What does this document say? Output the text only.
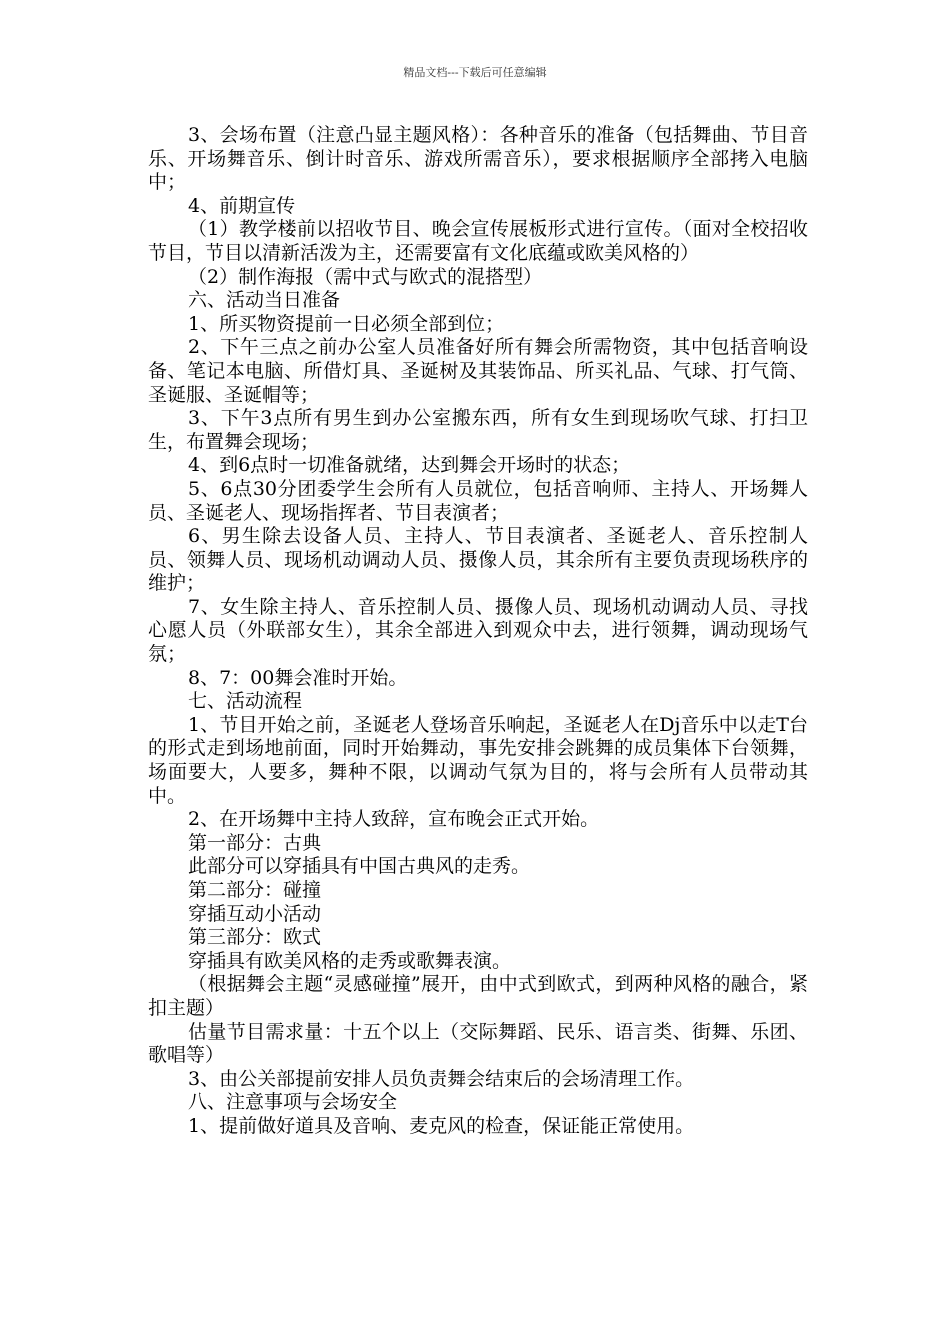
精品文档---下载后可任意编辑

3、会场布置（注意凸显主题风格）：各种音乐的准备（包括舞曲、节目音乐、开场舞音乐、倒计时音乐、游戏所需音乐），要求根据顺序全部拷入电脑中；

4、前期宣传

（1）教学楼前以招收节目、晚会宣传展板形式进行宣传。（面对全校招收节目，节目以清新活泼为主，还需要富有文化底蕴或欧美风格的）

（2）制作海报（需中式与欧式的混搭型）

六、活动当日准备

1、所买物资提前一日必须全部到位；

2、下午三点之前办公室人员准备好所有舞会所需物资，其中包括音响设备、笔记本电脑、所借灯具、圣诞树及其装饰品、所买礼品、气球、打气筒、圣诞服、圣诞帽等；

3、下午3点所有男生到办公室搬东西，所有女生到现场吹气球、打扫卫生，布置舞会现场；

4、到6点时一切准备就绪，达到舞会开场时的状态；

5、6点30分团委学生会所有人员就位，包括音响师、主持人、开场舞人员、圣诞老人、现场指挥者、节目表演者；

6、男生除去设备人员、主持人、节目表演者、圣诞老人、音乐控制人员、领舞人员、现场机动调动人员、摄像人员，其余所有主要负责现场秩序的维护；

7、女生除主持人、音乐控制人员、摄像人员、现场机动调动人员、寻找心愿人员（外联部女生），其余全部进入到观众中去，进行领舞，调动现场气氛；

8、7：00舞会准时开始。

七、活动流程

1、节目开始之前，圣诞老人登场音乐响起，圣诞老人在Dj音乐中以走T台的形式走到场地前面，同时开始舞动，事先安排会跳舞的成员集体下台领舞，场面要大，人要多，舞种不限，以调动气氛为目的，将与会所有人员带动其中。

2、在开场舞中主持人致辞，宣布晚会正式开始。

第一部分：古典

此部分可以穿插具有中国古典风的走秀。

第二部分：碰撞

穿插互动小活动

第三部分：欧式

穿插具有欧美风格的走秀或歌舞表演。

（根据舞会主题“灵感碰撞”展开，由中式到欧式，到两种风格的融合，紧扣主题）

估量节目需求量：十五个以上（交际舞蹈、民乐、语言类、街舞、乐团、歌唱等）

3、由公关部提前安排人员负责舞会结束后的会场清理工作。

八、注意事项与会场安全

1、提前做好道具及音响、麦克风的检查，保证能正常使用。
